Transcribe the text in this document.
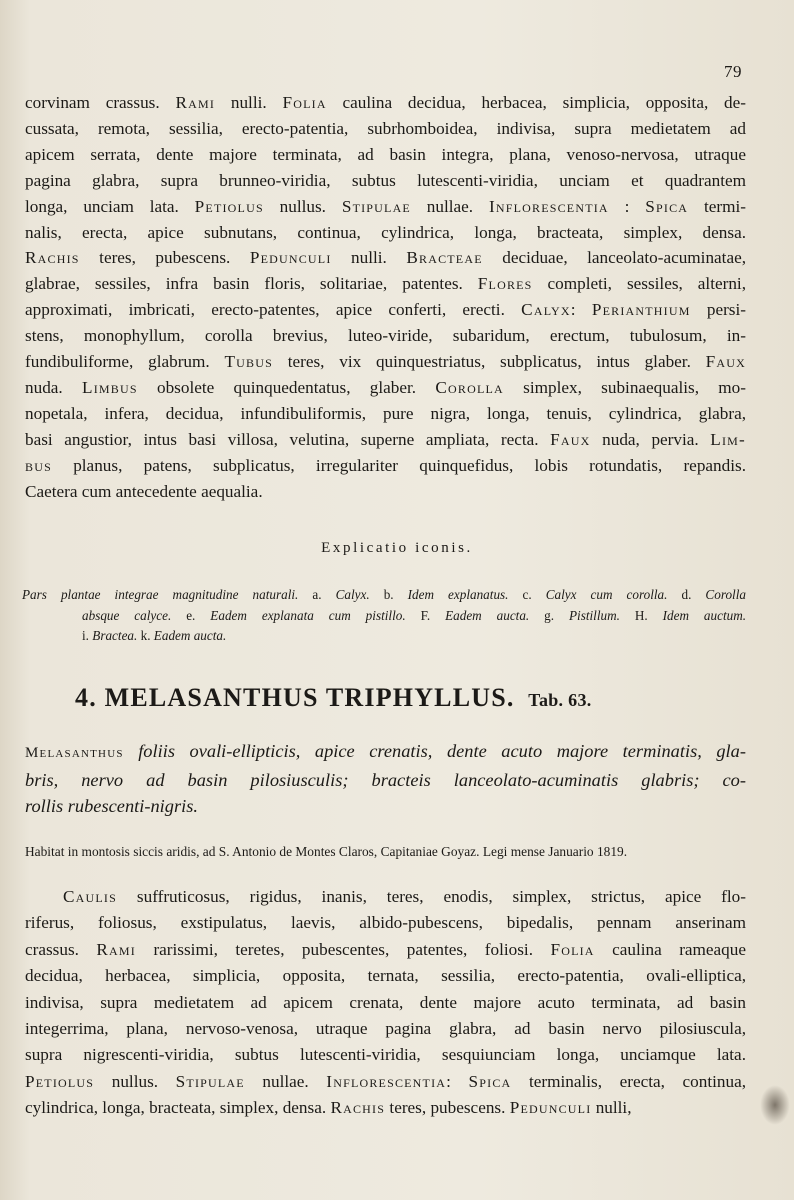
79
corvinam crassus. Rami nulli. Folia caulina decidua, herbacea, simplicia, opposita, de-
cussata, remota, sessilia, erecto-patentia, subrhomboidea, indivisa, supra medietatem ad
apicem serrata, dente majore terminata, ad basin integra, plana, venoso-nervosa, utraque
pagina glabra, supra brunneo-viridia, subtus lutescenti-viridia, unciam et quadrantem
longa, unciam lata. Petiolus nullus. Stipulae nullae. Inflorescentia : Spica termi-
nalis, erecta, apice subnutans, continua, cylindrica, longa, bracteata, simplex, densa.
Rachis teres, pubescens. Pedunculi nulli. Bracteae deciduae, lanceolato-acuminatae,
glabrae, sessiles, infra basin floris, solitariae, patentes. Flores completi, sessiles, alterni,
approximati, imbricati, erecto-patentes, apice conferti, erecti. Calyx: Perianthium persi-
stens, monophyllum, corolla brevius, luteo-viride, subaridum, erectum, tubulosum, in-
fundibuliforme, glabrum. Tubus teres, vix quinquestriatus, subplicatus, intus glaber. Faux
nuda. Limbus obsolete quinquedentatus, glaber. Corolla simplex, subinaequalis, mo-
nopetala, infera, decidua, infundibuliformis, pure nigra, longa, tenuis, cylindrica, glabra,
basi angustior, intus basi villosa, velutina, superne ampliata, recta. Faux nuda, pervia. Lim-
bus planus, patens, subplicatus, irregulariter quinquefidus, lobis rotundatis, repandis.
Caetera cum antecedente aequalia.
Explicatio iconis.
Pars plantae integrae magnitudine naturali. a. Calyx. b. Idem explanatus. c. Calyx cum corolla. d. Corolla
absque calyce. e. Eadem explanata cum pistillo. F. Eadem aucta. g. Pistillum. H. Idem auctum.
i. Bractea. k. Eadem aucta.
4. MELASANTHUS TRIPHYLLUS. Tab. 63.
Melasanthus foliis ovali-ellipticis, apice crenatis, dente acuto majore terminatis, gla-
bris, nervo ad basin pilosiusculis; bracteis lanceolato-acuminatis glabris; co-
rollis rubescenti-nigris.
Habitat in montosis siccis aridis, ad S. Antonio de Montes Claros, Capitaniae Goyaz. Legi mense Januario 1819.
Caulis suffruticosus, rigidus, inanis, teres, enodis, simplex, strictus, apice flo-
riferus, foliosus, exstipulatus, laevis, albido-pubescens, bipedalis, pennam anserinam
crassus. Rami rarissimi, teretes, pubescentes, patentes, foliosi. Folia caulina rameaque
decidua, herbacea, simplicia, opposita, ternata, sessilia, erecto-patentia, ovali-elliptica,
indivisa, supra medietatem ad apicem crenata, dente majore acuto terminata, ad basin
integerrima, plana, nervoso-venosa, utraque pagina glabra, ad basin nervo pilosiuscula,
supra nigrescenti-viridia, subtus lutescenti-viridia, sesquiunciam longa, unciamque lata.
Petiolus nullus. Stipulae nullae. Inflorescentia: Spica terminalis, erecta, continua,
cylindrica, longa, bracteata, simplex, densa. Rachis teres, pubescens. Pedunculi nulli,
